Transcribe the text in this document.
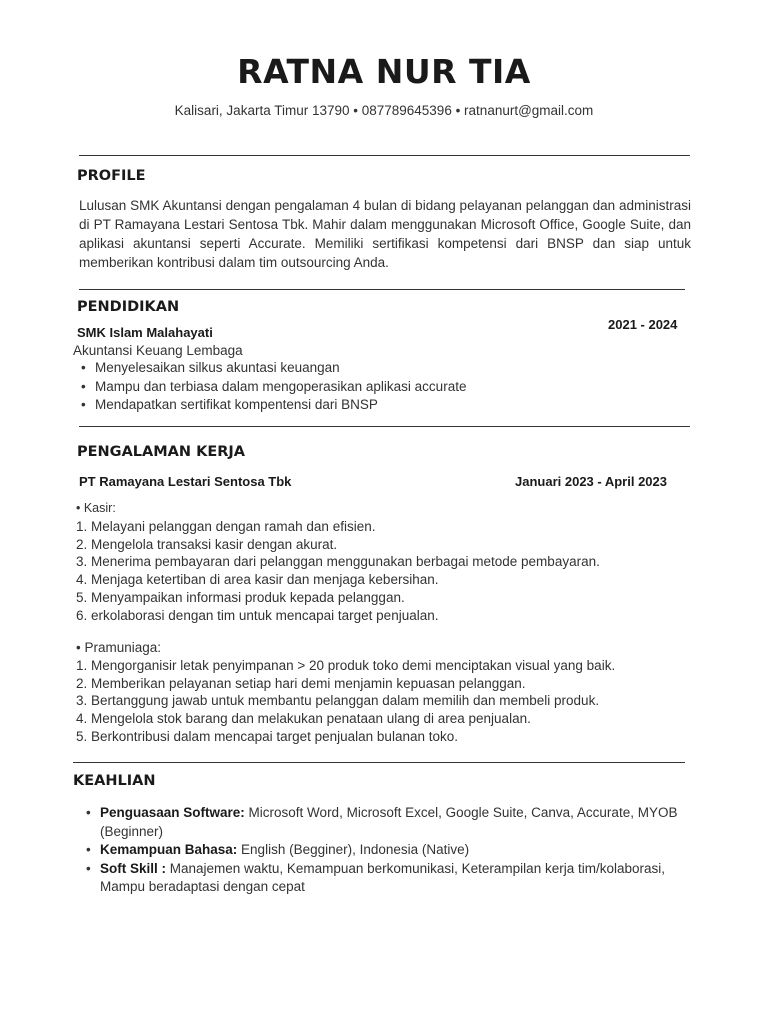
RATNA NUR TIA
Kalisari, Jakarta Timur 13790 • 087789645396 • ratnanurt@gmail.com
PROFILE
Lulusan SMK Akuntansi dengan pengalaman 4 bulan di bidang pelayanan pelanggan dan administrasi di PT Ramayana Lestari Sentosa Tbk. Mahir dalam menggunakan Microsoft Office, Google Suite, dan aplikasi akuntansi seperti Accurate. Memiliki sertifikasi kompetensi dari BNSP dan siap untuk memberikan kontribusi dalam tim outsourcing Anda.
PENDIDIKAN
SMK Islam Malahayati
2021 - 2024
Akuntansi Keuang Lembaga
• Menyelesaikan silkus akuntasi keuangan
• Mampu dan terbiasa dalam mengoperasikan aplikasi accurate
• Mendapatkan sertifikat kompentensi dari BNSP
PENGALAMAN KERJA
PT Ramayana Lestari Sentosa Tbk	Januari 2023 - April 2023
• Kasir:
1. Melayani pelanggan dengan ramah dan efisien.
2. Mengelola transaksi kasir dengan akurat.
3. Menerima pembayaran dari pelanggan menggunakan berbagai metode pembayaran.
4. Menjaga ketertiban di area kasir dan menjaga kebersihan.
5. Menyampaikan informasi produk kepada pelanggan.
6. erkolaborasi dengan tim untuk mencapai target penjualan.
• Pramuniaga:
1. Mengorganisir letak penyimpanan > 20 produk toko demi menciptakan visual yang baik.
2. Memberikan pelayanan setiap hari demi menjamin kepuasan pelanggan.
3. Bertanggung jawab untuk membantu pelanggan dalam memilih dan membeli produk.
4. Mengelola stok barang dan melakukan penataan ulang di area penjualan.
5. Berkontribusi dalam mencapai target penjualan bulanan toko.
KEAHLIAN
• Penguasaan Software: Microsoft Word, Microsoft Excel, Google Suite, Canva, Accurate, MYOB (Beginner)
• Kemampuan Bahasa: English (Begginer), Indonesia (Native)
• Soft Skill : Manajemen waktu, Kemampuan berkomunikasi, Keterampilan kerja tim/kolaborasi, Mampu beradaptasi dengan cepat
